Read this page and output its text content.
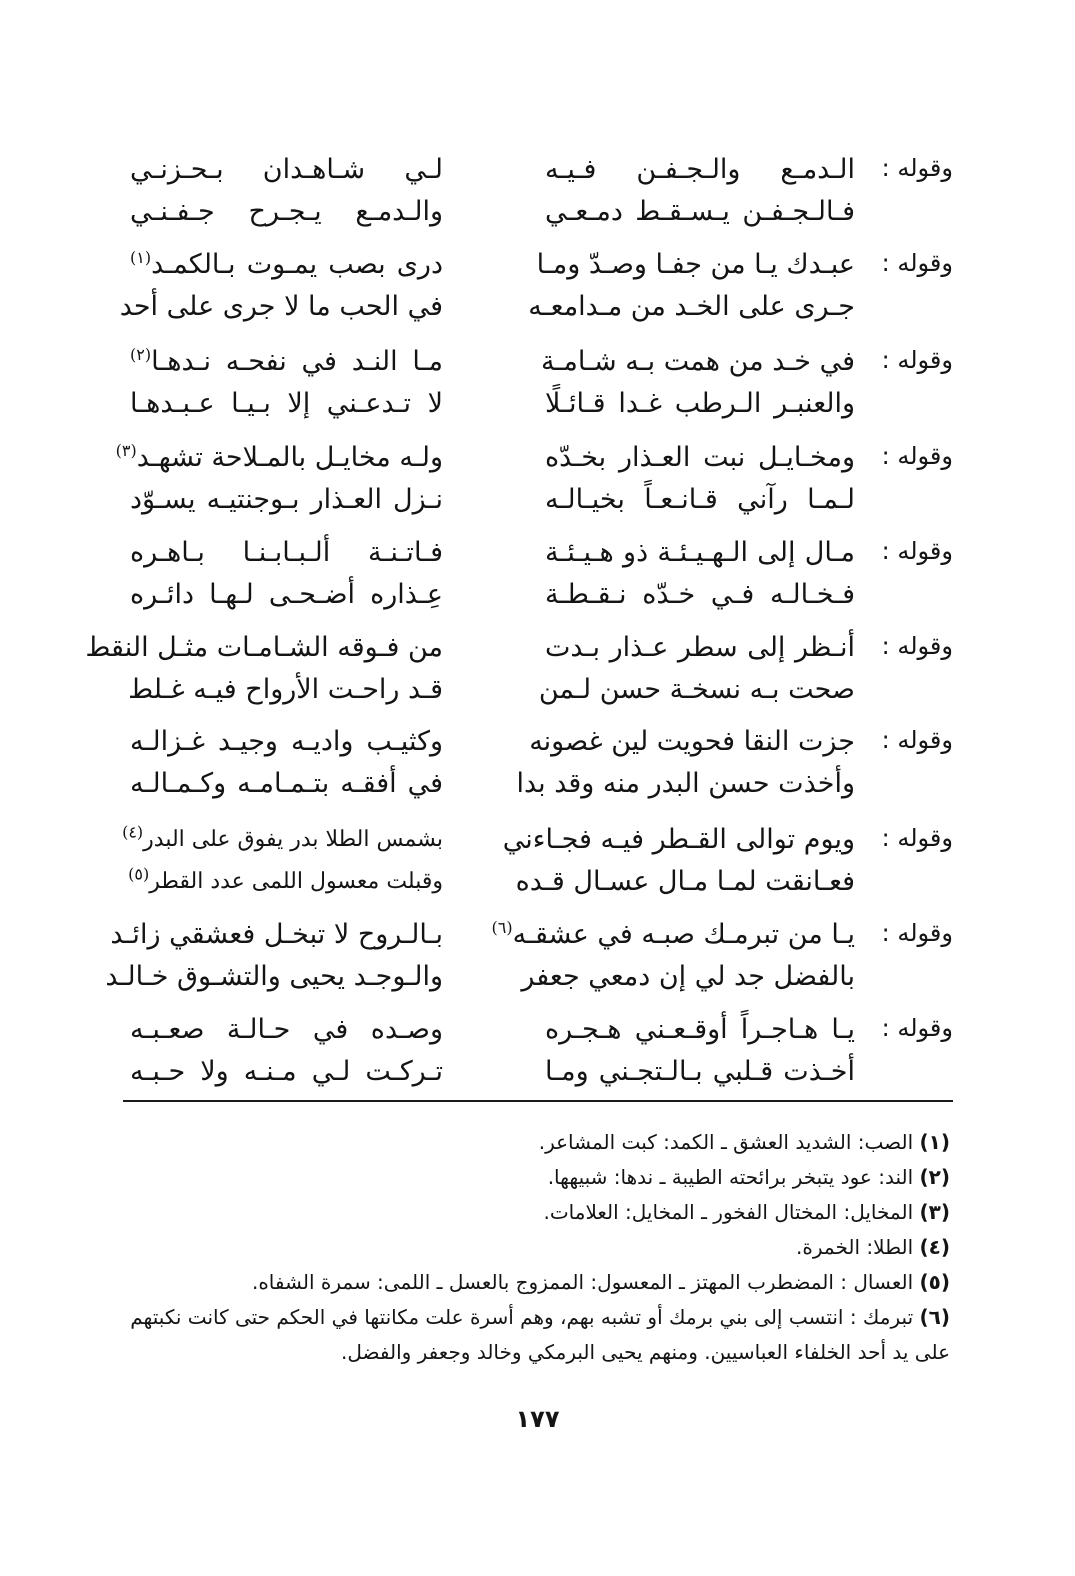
وقوله :
الـدمـع والـجـفـن فـيـه
فـالـجـفـن يـسـقـط دمـعـي
لـي شـاهـدان بـحـزنـي
والـدمـع يـجـرح جـفـنـي
وقوله :
عبـدك يـا من جفـا وصـدّ ومـا
جـرى على الخـد من مـدامعـه
درى بصب يمـوت بـالكمـد$^{(١)}$
في الحب ما لا جرى على أحد
وقوله :
في خـد من همت بـه شـامـة
والعنبـر الـرطب غـدا قـائـلًا
مـا النـد في نفحـه نـدهـا$^{(٢)}$
لا تـدعـني إلا بـيـا عـبـدهـا
وقوله :
ومخـايـل نبت العـذار بخـدّه
لـمـا رآني قـانـعـاً بخيـالـه
ولـه مخايـل بالمـلاحة تشهـد$^{(٣)}$
نـزل العـذار بـوجنتيـه يسـوّد
وقوله :
مـال إلى الـهـيـئـة ذو هـيـئـة
فـخـالـه فـي خـدّه نـقـطـة
فـاتـنـة ألـبـابـنـا بـاهـره
عِـذاره أضـحـى لـهـا دائـره
وقوله :
أنـظر إلى سطر عـذار بـدت
صحت بـه نسخـة حسن لـمن
من فـوقه الشـامـات مثـل النقط
قـد راحـت الأرواح فيـه غـلط
وقوله :
جزت النقا فحويت لين غصونه
وأخذت حسن البدر منه وقد بدا
وكثيـب واديـه وجيـد غـزالـه
في أفقـه بتـمـامـه وكـمـالـه
وقوله :
ويوم توالى القـطر فيـه فجـاءني
فعـانقت لمـا مـال عسـال قـده
بشمس الطلا بدر يفوق على البدر$^{(٤)}$
وقبلت معسول اللمى عدد القطر$^{(٥)}$
وقوله :
يـا من تبرمـك صبـه في عشقـه$^{(٦)}$
بالفضل جد لي إن دمعي جعفر
بـالـروح لا تبخـل فعشقي زائـد
والـوجـد يحيى والتشـوق خـالـد
وقوله :
يـا هـاجـراً أوقـعـني هـجـره
أخـذت قـلبي بـالـتجـني ومـا
وصـده في حـالـة صعـبـه
تـركـت لـي مـنـه ولا حـبـه

(١) الصب: الشديد العشق ـ الكمد: كبت المشاعر.

(٢) الند: عود يتبخر برائحته الطيبة ـ ندها: شبيهها.

(٣) المخايل: المختال الفخور ـ المخايل: العلامات.

(٤) الطلا: الخمرة.

(٥) العسال : المضطرب المهتز ـ المعسول: الممزوج بالعسل ـ اللمى: سمرة الشفاه.

(٦) تبرمك : انتسب إلى بني برمك أو تشبه بهم، وهم أسرة علت مكانتها في الحكم حتى كانت نكبتهم على يد أحد الخلفاء العباسيين. ومنهم يحيى البرمكي وخالد وجعفر والفضل.

١٧٧
